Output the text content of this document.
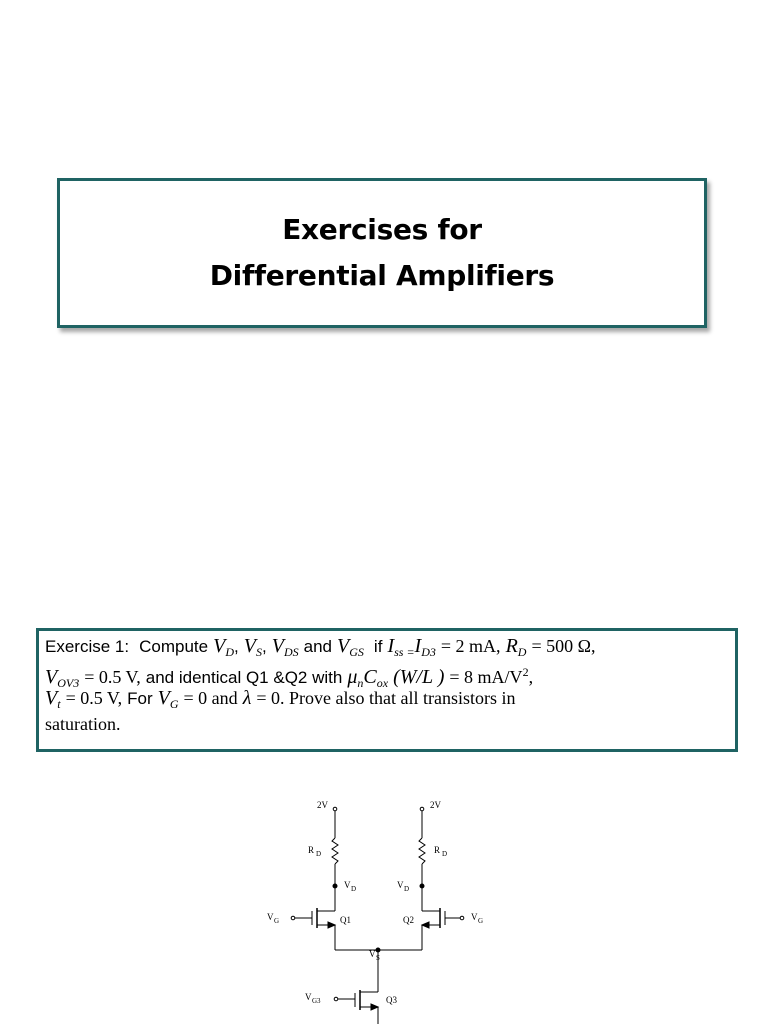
Exercises for
Differential Amplifiers
Exercise 1: Compute $V_D$, $V_S$, $V_{DS}$ and $V_{GS}$ if $I_{ss =}I_{D3} = 2$ mA, $R_D = 500$ Ω,
$V_{OV3} = 0.5$ V, and identical Q1 &Q2 with $\mu_nC_{ox}$ (W/L ) = 8 $mA/V^2$,
$V_t = 0.5$ V, For $V_G = 0$ and λ = 0. Prove also that all transistors in
saturation.
2V	2V
R D	R D
V D	V D
V G	V G
Q1	Q2
V S
V G3	Q3
